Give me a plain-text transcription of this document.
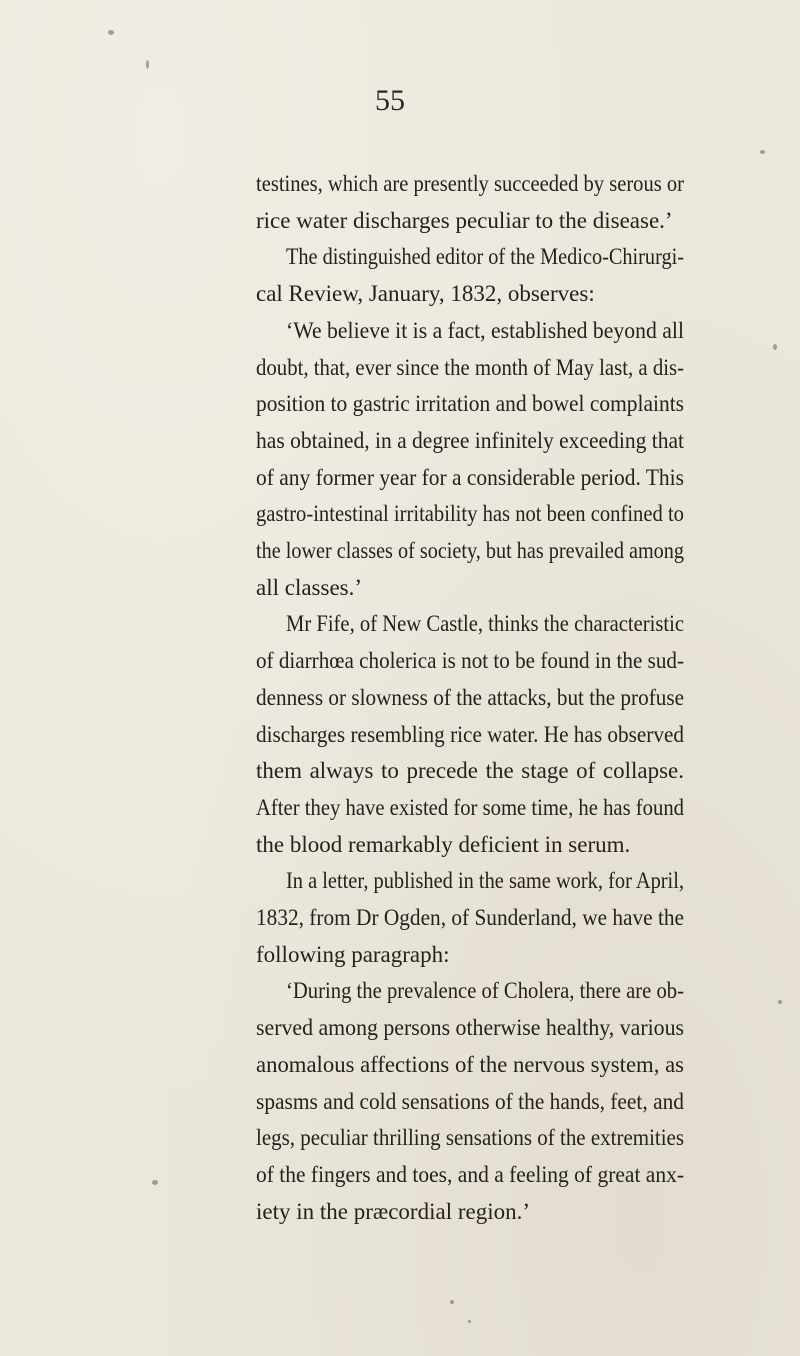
55
testines, which are presently succeeded by serous or
rice water discharges peculiar to the disease.’
The distinguished editor of the Medico-Chirurgi-
cal Review, January, 1832, observes:
‘We believe it is a fact, established beyond all
doubt, that, ever since the month of May last, a dis-
position to gastric irritation and bowel complaints
has obtained, in a degree infinitely exceeding that
of any former year for a considerable period. This
gastro-intestinal irritability has not been confined to
the lower classes of society, but has prevailed among
all classes.’
Mr Fife, of New Castle, thinks the characteristic
of diarrhœa cholerica is not to be found in the sud-
denness or slowness of the attacks, but the profuse
discharges resembling rice water. He has observed
them always to precede the stage of collapse.
After they have existed for some time, he has found
the blood remarkably deficient in serum.
In a letter, published in the same work, for April,
1832, from Dr Ogden, of Sunderland, we have the
following paragraph:
‘During the prevalence of Cholera, there are ob-
served among persons otherwise healthy, various
anomalous affections of the nervous system, as
spasms and cold sensations of the hands, feet, and
legs, peculiar thrilling sensations of the extremities
of the fingers and toes, and a feeling of great anx-
iety in the præcordial region.’
